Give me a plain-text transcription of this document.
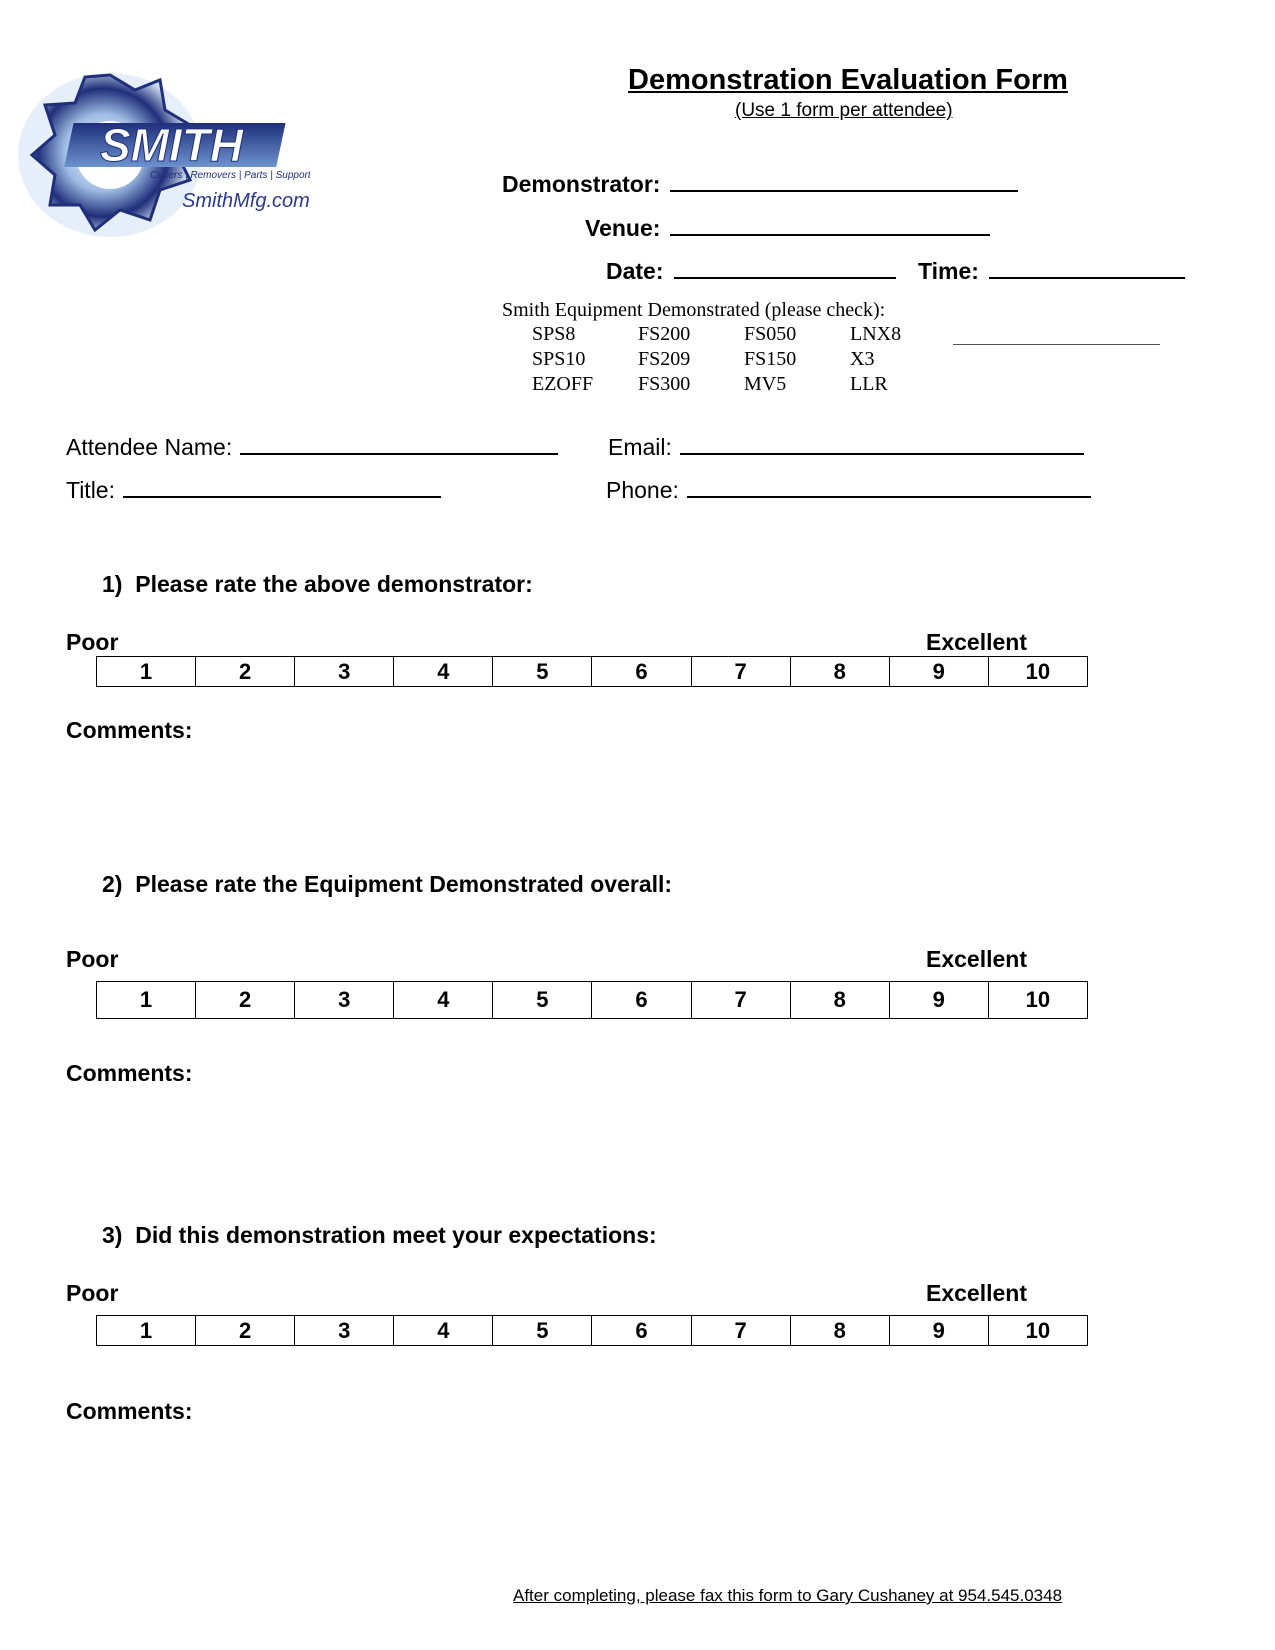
SMITH
Cutters | Removers | Parts | Support
SmithMfg.com
Demonstration Evaluation Form
(Use 1 form per attendee)
Demonstrator:
Venue:
Date:	Time:
Smith Equipment Demonstrated (please check):
SPS8	FS200	FS050	LNX8
SPS10	FS209	FS150	X3
EZOFF	FS300	MV5	LLR
Attendee Name:	Email:
Title:	Phone:
1) Please rate the above demonstrator:
Poor	Excellent
1	2	3	4	5	6	7	8	9	10
Comments:
2) Please rate the Equipment Demonstrated overall:
Poor	Excellent
1	2	3	4	5	6	7	8	9	10
Comments:
3) Did this demonstration meet your expectations:
Poor	Excellent
1	2	3	4	5	6	7	8	9	10
Comments:
After completing, please fax this form to Gary Cushaney at 954.545.0348
